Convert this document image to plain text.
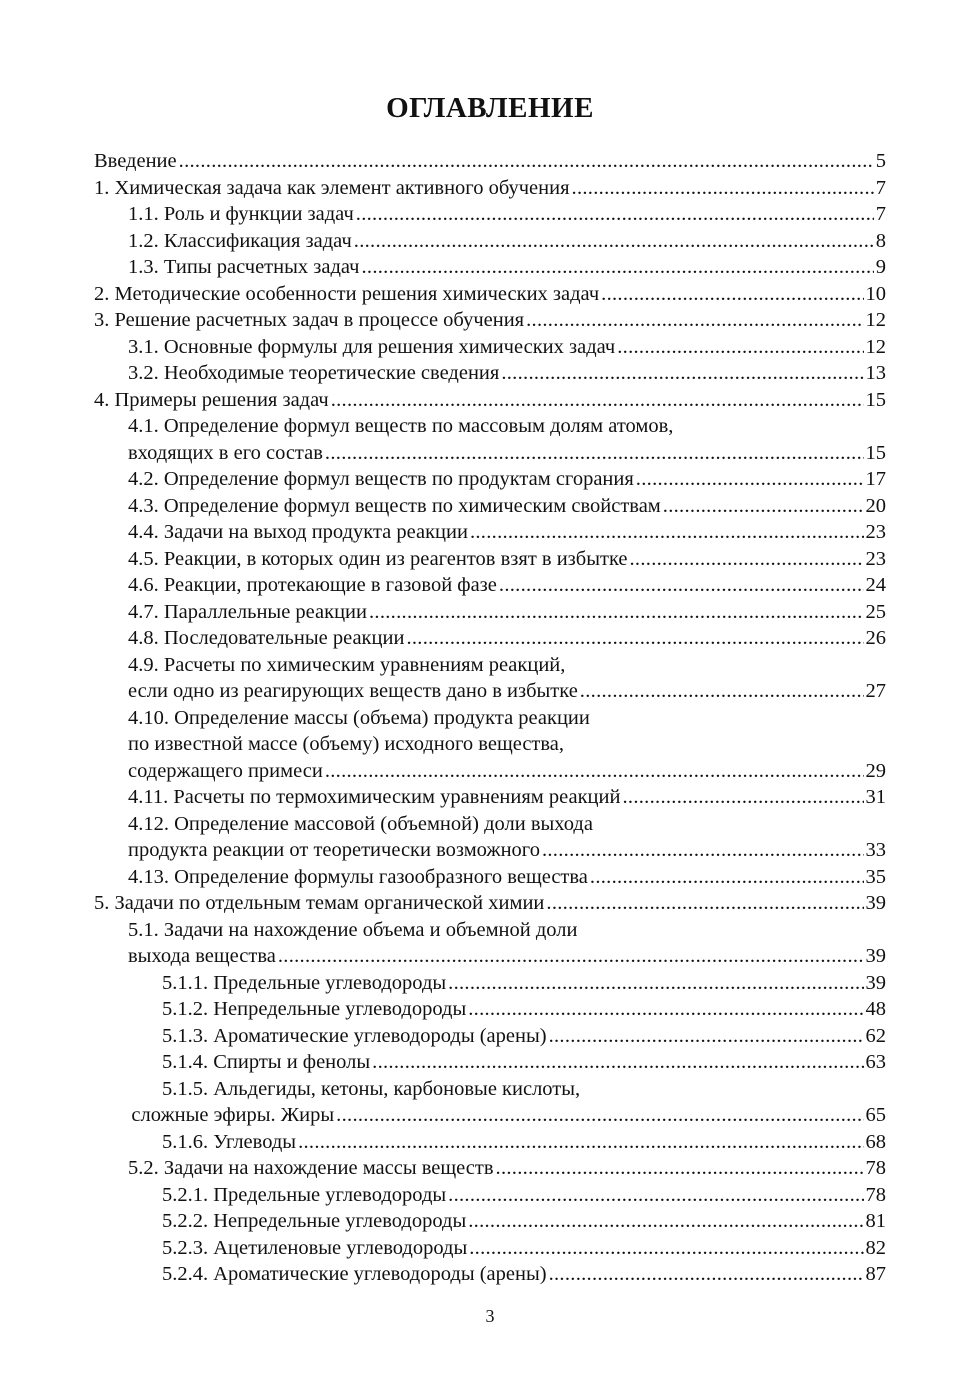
ОГЛАВЛЕНИЕ
Введение .....	5
1. Химическая задача как элемент активного обучения .....	7
1.1. Роль и функции задач .....	7
1.2. Классификация задач .....	8
1.3. Типы расчетных задач .....	9
2. Методические особенности решения химических задач .....	10
3. Решение расчетных задач в процессе обучения .....	12
3.1. Основные формулы для решения химических задач .....	12
3.2. Необходимые теоретические сведения .....	13
4. Примеры решения задач .....	15
4.1. Определение формул веществ по массовым долям атомов,
входящих в его состав .....	15
4.2. Определение формул веществ по продуктам сгорания .....	17
4.3. Определение формул веществ по химическим свойствам .....	20
4.4. Задачи на выход продукта реакции .....	23
4.5. Реакции, в которых один из реагентов взят в избытке .....	23
4.6. Реакции, протекающие в газовой фазе .....	24
4.7. Параллельные реакции .....	25
4.8. Последовательные реакции .....	26
4.9. Расчеты по химическим уравнениям реакций,
если одно из реагирующих веществ дано в избытке .....	27
4.10. Определение массы (объема) продукта реакции
по известной массе (объему) исходного вещества,
содержащего примеси .....	29
4.11. Расчеты по термохимическим уравнениям реакций .....	31
4.12. Определение массовой (объемной) доли выхода
продукта реакции от теоретически возможного .....	33
4.13. Определение формулы газообразного вещества .....	35
5. Задачи по отдельным темам органической химии .....	39
5.1. Задачи на нахождение объема и объемной доли
выхода вещества .....	39
5.1.1. Предельные углеводороды .....	39
5.1.2. Непредельные углеводороды .....	48
5.1.3. Ароматические углеводороды (арены) .....	62
5.1.4. Спирты и фенолы .....	63
5.1.5. Альдегиды, кетоны, карбоновые кислоты,
сложные эфиры. Жиры .....	65
5.1.6. Углеводы .....	68
5.2. Задачи на нахождение массы веществ .....	78
5.2.1. Предельные углеводороды .....	78
5.2.2. Непредельные углеводороды .....	81
5.2.3. Ацетиленовые углеводороды .....	82
5.2.4. Ароматические углеводороды (арены) .....	87
3
